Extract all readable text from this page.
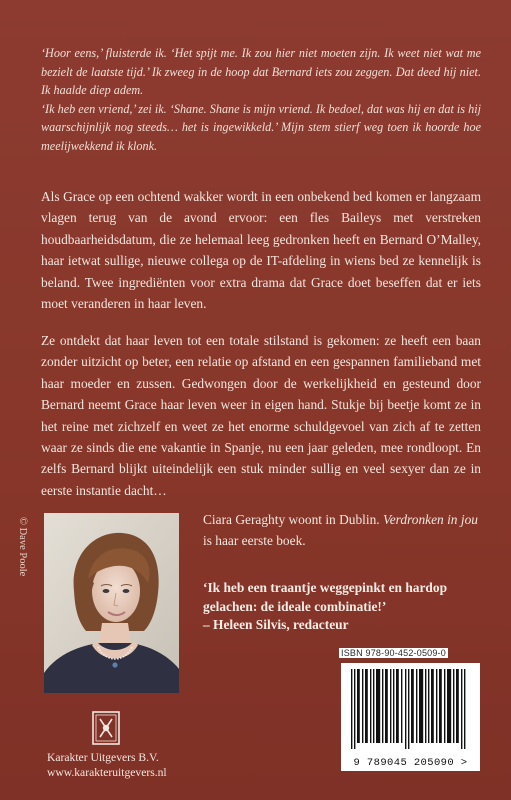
‘Hoor eens,’ fluisterde ik. ‘Het spijt me. Ik zou hier niet moeten zijn. Ik weet niet wat me bezielt de laatste tijd.’ Ik zweeg in de hoop dat Bernard iets zou zeggen. Dat deed hij niet. Ik haalde diep adem.

‘Ik heb een vriend,’ zei ik. ‘Shane. Shane is mijn vriend. Ik bedoel, dat was hij en dat is hij waarschijnlijk nog steeds… het is ingewikkeld.’ Mijn stem stierf weg toen ik hoorde hoe meelijwekkend ik klonk.

Als Grace op een ochtend wakker wordt in een onbekend bed komen er langzaam vlagen terug van de avond ervoor: een fles Baileys met verstreken houdbaarheidsdatum, die ze helemaal leeg gedronken heeft en Bernard O’Malley, haar ietwat sullige, nieuwe collega op de IT-afdeling in wiens bed ze kennelijk is beland. Twee ingrediënten voor extra drama dat Grace doet beseffen dat er iets moet veranderen in haar leven.
Ze ontdekt dat haar leven tot een totale stilstand is gekomen: ze heeft een baan zonder uitzicht op beter, een relatie op afstand en een gespannen familieband met haar moeder en zussen. Gedwongen door de werkelijkheid en gesteund door Bernard neemt Grace haar leven weer in eigen hand. Stukje bij beetje komt ze in het reine met zichzelf en weet ze het enorme schuldgevoel van zich af te zetten waar ze sinds die ene vakantie in Spanje, nu een jaar geleden, mee rondloopt. En zelfs Bernard blijkt uiteindelijk een stuk minder sullig en veel sexyer dan ze in eerste instantie dacht…
© Dave Poole	Ciara Geraghty woont in Dublin. Verdronken in jou is haar eerste boek.
‘Ik heb een traantje weggepinkt en hardop gelachen: de ideale combinatie!’
– Heleen Silvis, redacteur
ISBN 978-90-452-0509-0
9 789045 205090 >
Karakter Uitgevers B.V.
www.karakteruitgevers.nl
